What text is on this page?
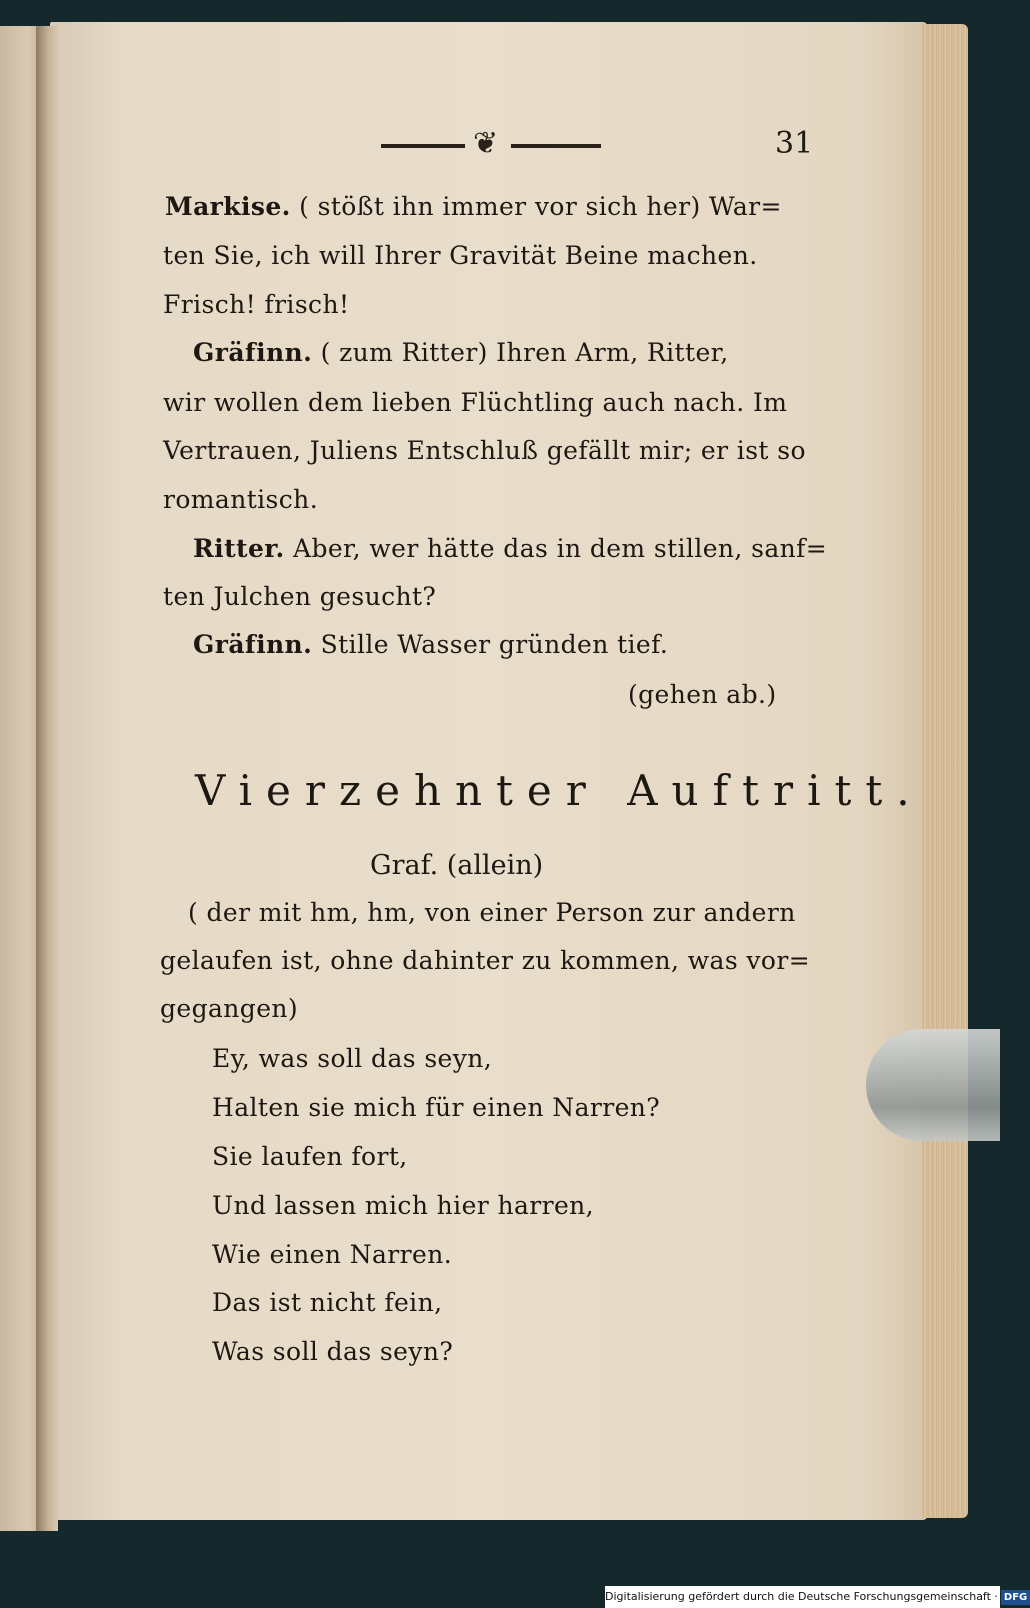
❦	31
Markise. ( stößt ihn immer vor sich her) War=
ten Sie, ich will Ihrer Gravität Beine machen.
Frisch! frisch!
Gräfinn. ( zum Ritter) Ihren Arm, Ritter,
wir wollen dem lieben Flüchtling auch nach. Im
Vertrauen, Juliens Entschluß gefällt mir; er ist so
romantisch.
Ritter. Aber, wer hätte das in dem stillen, sanf=
ten Julchen gesucht?
Gräfinn. Stille Wasser gründen tief.
(gehen ab.)
Vierzehnter Auftritt.
Graf. (allein)
( der mit hm, hm, von einer Person zur andern
gelaufen ist, ohne dahinter zu kommen, was vor=
gegangen)
Ey, was soll das seyn,
Halten sie mich für einen Narren?
Sie laufen fort,
Und lassen mich hier harren,
Wie einen Narren.
Das ist nicht fein,
Was soll das seyn?
Digitalisierung gefördert durch die Deutsche Forschungsgemeinschaft · DFG
